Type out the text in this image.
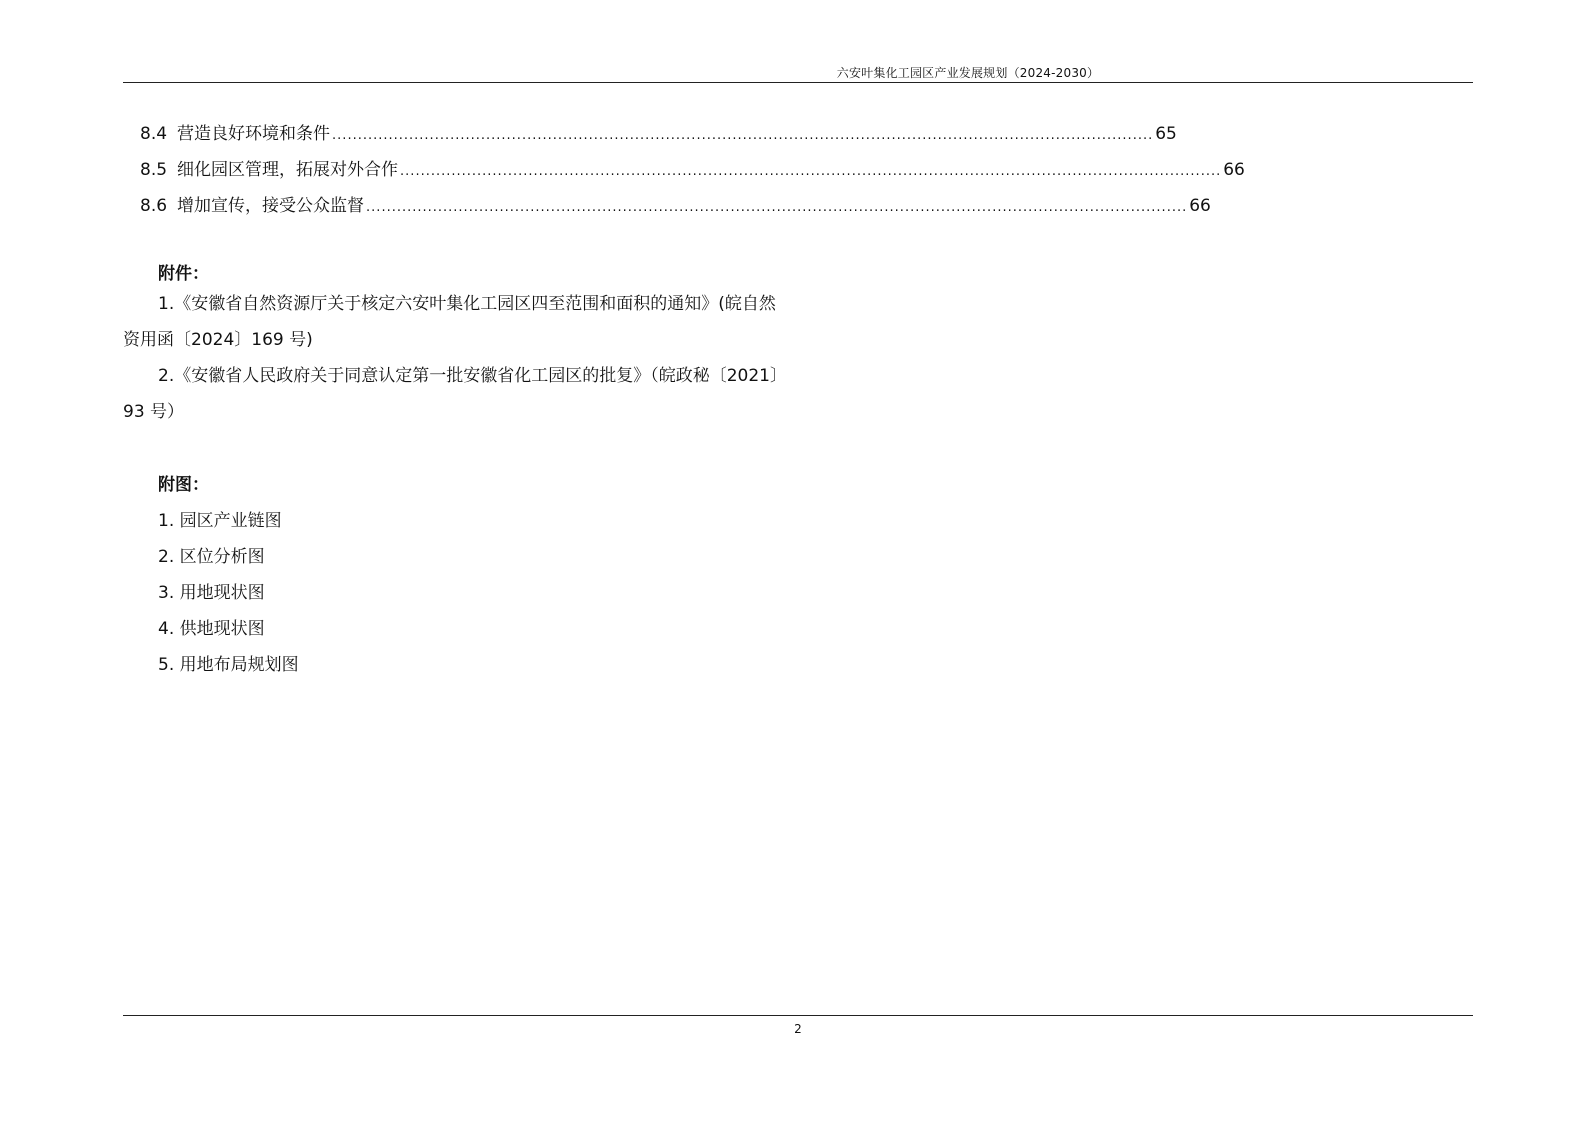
六安叶集化工园区产业发展规划（2024-2030）
8.4 营造良好环境和条件 ................................................................................................................................................................ 65
8.5 细化园区管理，拓展对外合作 ................................................................................................................................................................ 66
8.6 增加宣传，接受公众监督 ................................................................................................................................................................ 66
附件：
1.《安徽省自然资源厅关于核定六安叶集化工园区四至范围和面积的通知》(皖自然资用函〔2024〕169 号)
2.《安徽省人民政府关于同意认定第一批安徽省化工园区的批复》（皖政秘〔2021〕93 号）
附图：
1. 园区产业链图
2. 区位分析图
3. 用地现状图
4. 供地现状图
5. 用地布局规划图
2
